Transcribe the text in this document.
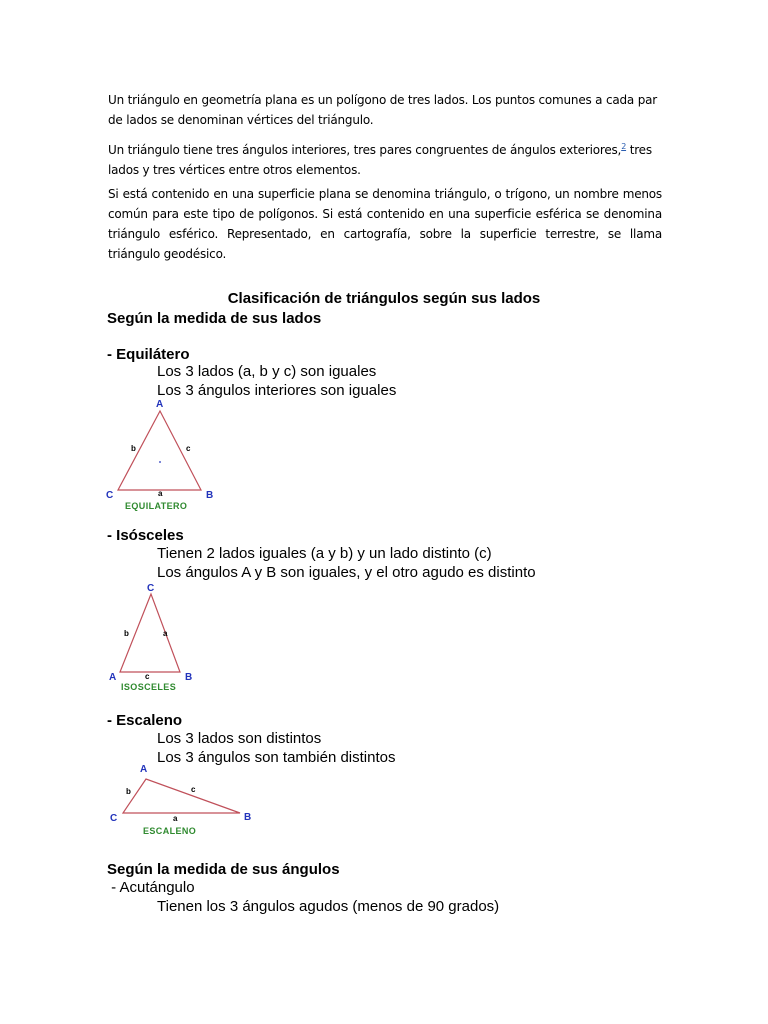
Un triángulo en geometría plana es un polígono de tres lados. Los puntos comunes a cada par de lados se denominan vértices del triángulo.
Un triángulo tiene tres ángulos interiores, tres pares congruentes de ángulos exteriores,$^2$ tres lados y tres vértices entre otros elementos.
Si está contenido en una superficie plana se denomina triángulo, o trígono, un nombre menos común para este tipo de polígonos. Si está contenido en una superficie esférica se denomina triángulo esférico. Representado, en cartografía, sobre la superficie terrestre, se llama triángulo geodésico.
Clasificación de triángulos según sus lados
Según la medida de sus lados
- Equilátero
Los 3 lados (a, b y c) son iguales
Los 3 ángulos interiores son iguales
A
B
C	a
b	c
EQUILATERO
C
A	B
b	a
c
ISOSCELES
A
B
C
b	c
a
ESCALENO
- Isósceles
Tienen 2 lados iguales (a y b) y un lado distinto (c)
Los ángulos A y B son iguales, y el otro agudo es distinto
- Escaleno
Los 3 lados son distintos
Los 3 ángulos son también distintos
Según la medida de sus ángulos
- Acutángulo
Tienen los 3 ángulos agudos (menos de 90 grados)
